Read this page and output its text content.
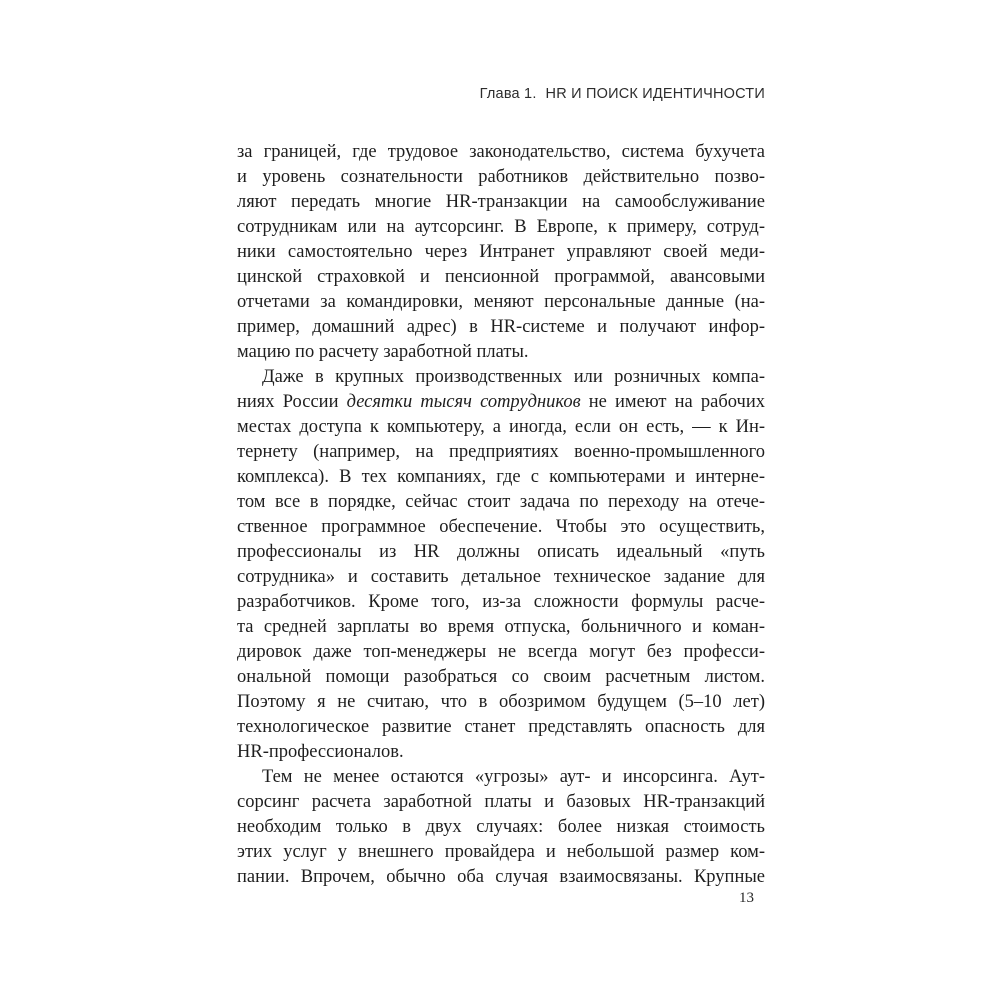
Глава 1. HR И ПОИСК ИДЕНТИЧНОСТИ
за границей, где трудовое законодательство, система бухучета
и уровень сознательности работников действительно позво-
ляют передать многие HR-транзакции на самообслуживание
сотрудникам или на аутсорсинг. В Европе, к примеру, сотруд-
ники самостоятельно через Интранет управляют своей меди-
цинской страховкой и пенсионной программой, авансовыми
отчетами за командировки, меняют персональные данные (на-
пример, домашний адрес) в HR-системе и получают инфор-
мацию по расчету заработной платы.
Даже в крупных производственных или розничных компа-
ниях России десятки тысяч сотрудников не имеют на рабочих
местах доступа к компьютеру, а иногда, если он есть, — к Ин-
тернету (например, на предприятиях военно-промышленного
комплекса). В тех компаниях, где с компьютерами и интерне-
том все в порядке, сейчас стоит задача по переходу на отече-
ственное программное обеспечение. Чтобы это осуществить,
профессионалы из HR должны описать идеальный «путь
сотрудника» и составить детальное техническое задание для
разработчиков. Кроме того, из-за сложности формулы расче-
та средней зарплаты во время отпуска, больничного и коман-
дировок даже топ-менеджеры не всегда могут без професси-
ональной помощи разобраться со своим расчетным листом.
Поэтому я не считаю, что в обозримом будущем (5–10 лет)
технологическое развитие станет представлять опасность для
HR-профессионалов.
Тем не менее остаются «угрозы» аут- и инсорсинга. Аут-
сорсинг расчета заработной платы и базовых HR-транзакций
необходим только в двух случаях: более низкая стоимость
этих услуг у внешнего провайдера и небольшой размер ком-
пании. Впрочем, обычно оба случая взаимосвязаны. Крупные
13
